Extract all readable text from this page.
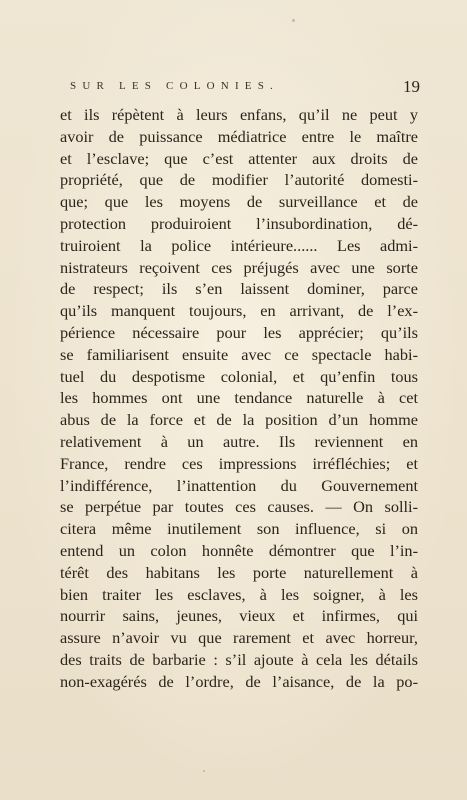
SUR LES COLONIES.	19
et ils répètent à leurs enfans, qu’il ne peut y
avoir de puissance médiatrice entre le maître
et l’esclave; que c’est attenter aux droits de
propriété, que de modifier l’autorité domesti-
que; que les moyens de surveillance et de
protection produiroient l’insubordination, dé-
truiroient la police intérieure...... Les admi-
nistrateurs reçoivent ces préjugés avec une sorte
de respect; ils s’en laissent dominer, parce
qu’ils manquent toujours, en arrivant, de l’ex-
périence nécessaire pour les apprécier; qu’ils
se familiarisent ensuite avec ce spectacle habi-
tuel du despotisme colonial, et qu’enfin tous
les hommes ont une tendance naturelle à cet
abus de la force et de la position d’un homme
relativement à un autre. Ils reviennent en
France, rendre ces impressions irréfléchies; et
l’indifférence, l’inattention du Gouvernement
se perpétue par toutes ces causes. — On solli-
citera même inutilement son influence, si on
entend un colon honnête démontrer que l’in-
térêt des habitans les porte naturellement à
bien traiter les esclaves, à les soigner, à les
nourrir sains, jeunes, vieux et infirmes, qui
assure n’avoir vu que rarement et avec horreur,
des traits de barbarie : s’il ajoute à cela les détails
non-exagérés de l’ordre, de l’aisance, de la po-
